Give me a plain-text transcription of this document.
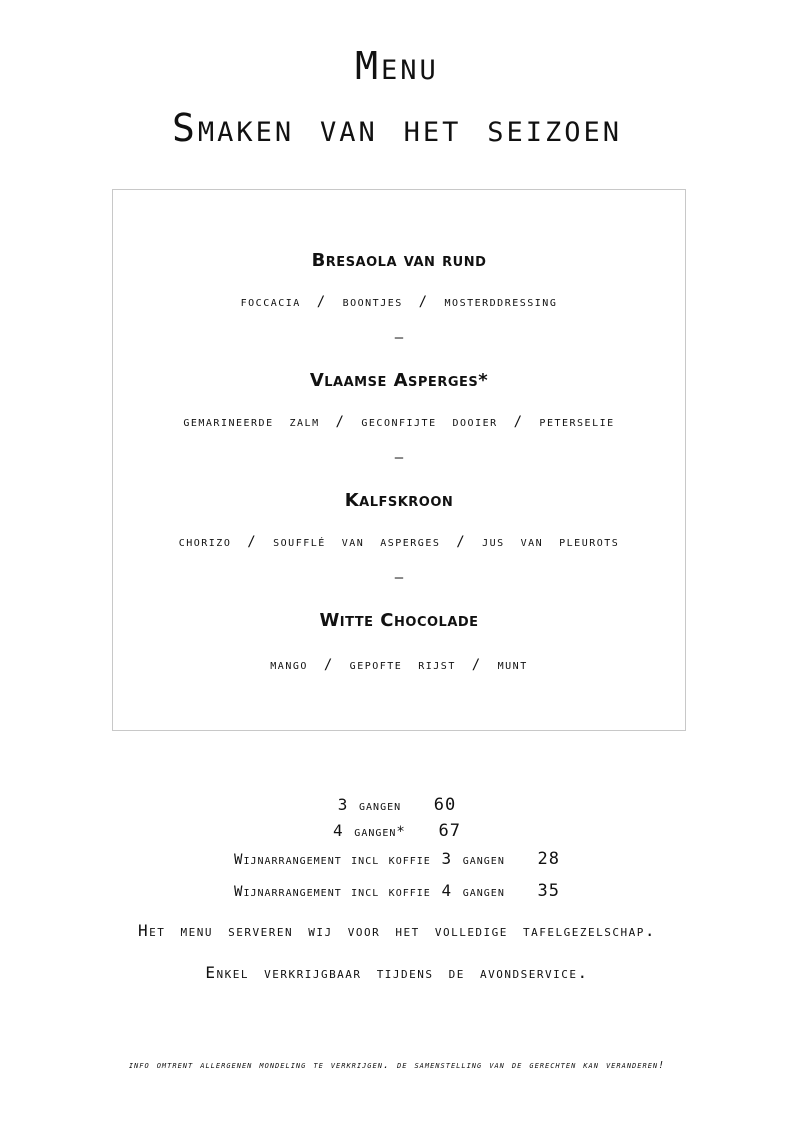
Menu
Smaken van het seizoen
Bresaola van rund
foccacia / boontjes / mosterddressing
–
Vlaamse Asperges*
gemarineerde zalm / geconfijte dooier / peterselie
–
Kalfskroon
chorizo / soufflé van asperges / jus van pleurots
–
Witte Chocolade
mango / gepofte rijst / munt
3 gangen 60
4 gangen* 67
Wijnarrangement incl koffie 3 gangen 28
Wijnarrangement incl koffie 4 gangen 35
Het menu serveren wij voor het volledige tafelgezelschap.
Enkel verkrijgbaar tijdens de avondservice.
info omtrent allergenen mondeling te verkrijgen. de samenstelling van de gerechten kan veranderen!
